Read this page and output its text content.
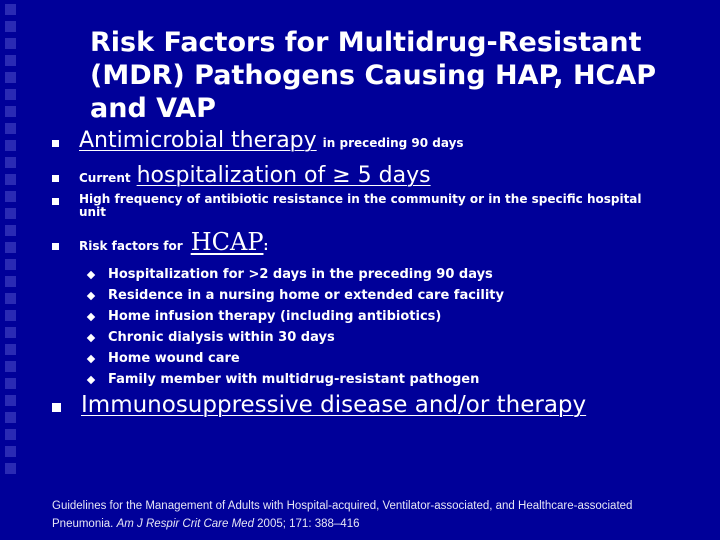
Risk Factors for Multidrug-Resistant (MDR) Pathogens Causing HAP, HCAP and VAP
Antimicrobial therapy in preceding 90 days
Current hospitalization of ≥ 5 days
High frequency of antibiotic resistance in the community or in the specific hospital
unit
Risk factors for HCAP :
Hospitalization for >2 days in the preceding 90 days
Residence in a nursing home or extended care facility
Home infusion therapy (including antibiotics)
Chronic dialysis within 30 days
Home wound care
Family member with multidrug-resistant pathogen
Immunosuppressive disease and/or therapy
Guidelines for the Management of Adults with Hospital-acquired, Ventilator-associated, and Healthcare-associated Pneumonia. Am J Respir Crit Care Med 2005; 171: 388–416
